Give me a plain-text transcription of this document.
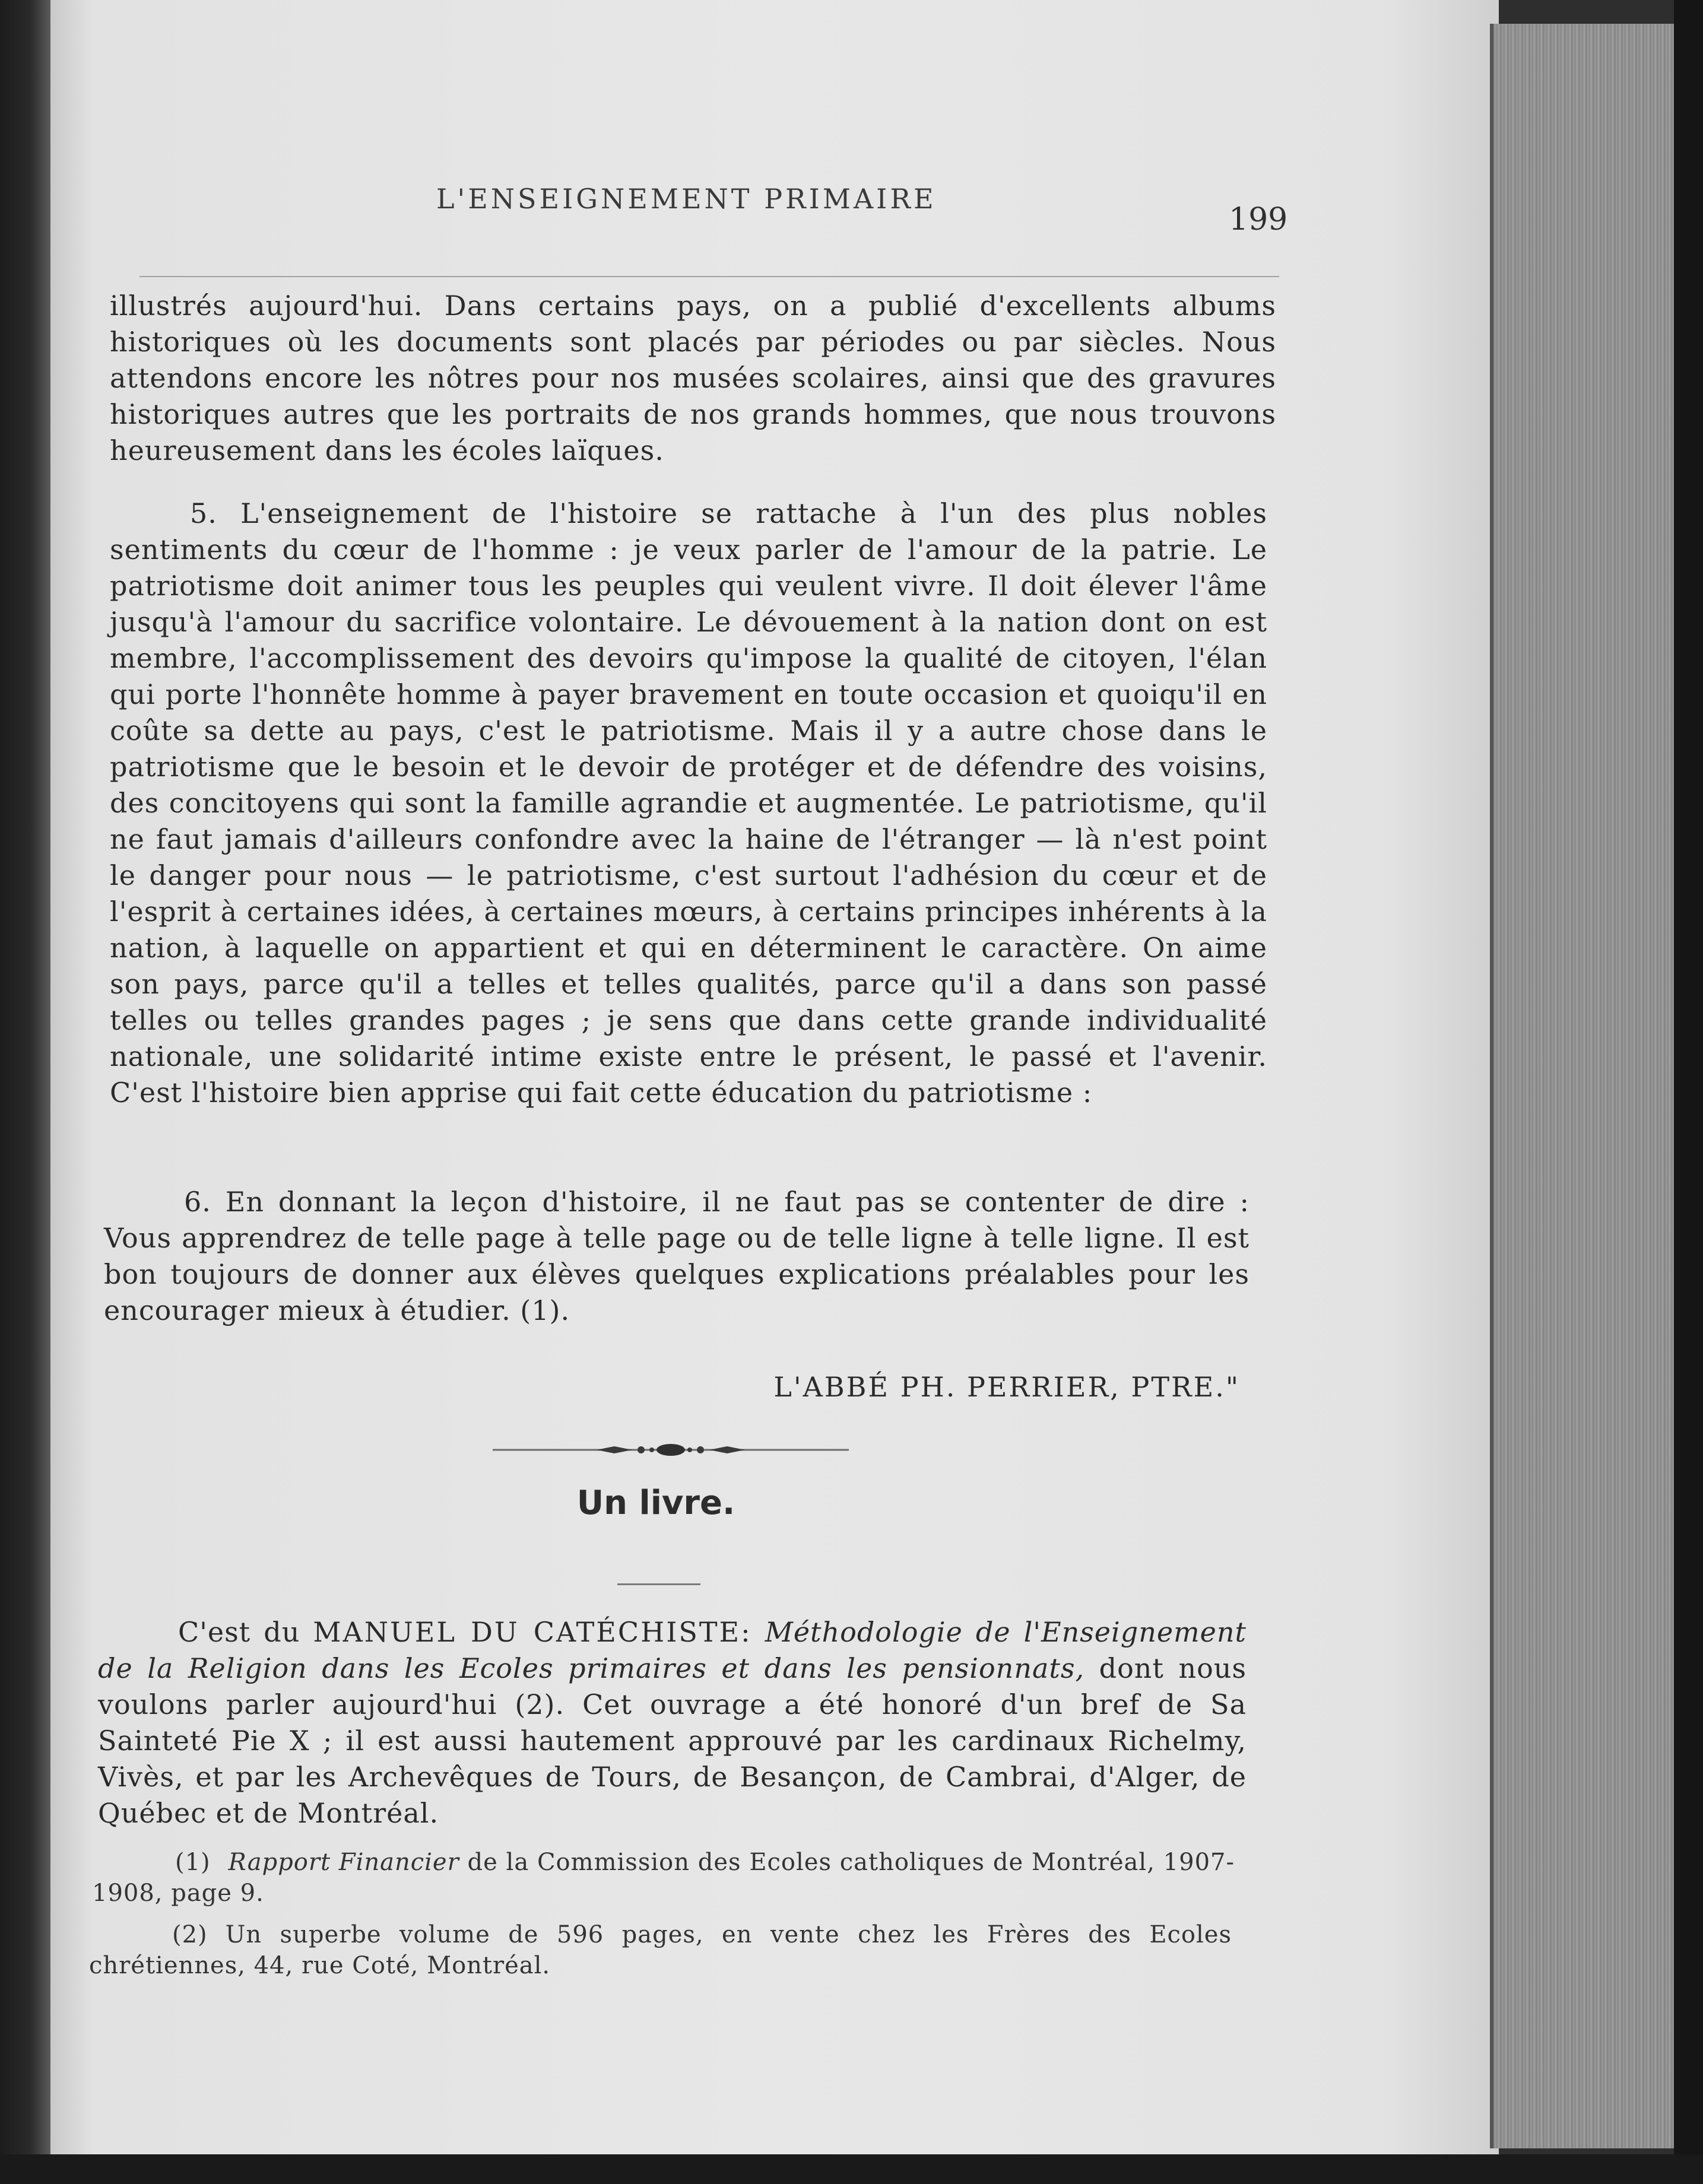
L'ENSEIGNEMENT PRIMAIRE
199

illustrés aujourd'hui. Dans certains pays, on a publié d'excellents albums historiques où les documents sont placés par périodes ou par siècles. Nous attendons encore les nôtres pour nos musées scolaires, ainsi que des gravures historiques autres que les portraits de nos grands hommes, que nous trouvons heureusement dans les écoles laïques.

5. L'enseignement de l'histoire se rattache à l'un des plus nobles sentiments du cœur de l'homme : je veux parler de l'amour de la patrie. Le patriotisme doit animer tous les peuples qui veulent vivre. Il doit élever l'âme jusqu'à l'amour du sacrifice volontaire. Le dévouement à la nation dont on est membre, l'accomplissement des devoirs qu'impose la qualité de citoyen, l'élan qui porte l'honnête homme à payer bravement en toute occasion et quoiqu'il en coûte sa dette au pays, c'est le patriotisme. Mais il y a autre chose dans le patriotisme que le besoin et le devoir de protéger et de défendre des voisins, des concitoyens qui sont la famille agrandie et augmentée. Le patriotisme, qu'il ne faut jamais d'ailleurs confondre avec la haine de l'étranger — là n'est point le danger pour nous — le patriotisme, c'est surtout l'adhésion du cœur et de l'esprit à certaines idées, à certaines mœurs, à certains principes inhérents à la nation, à laquelle on appartient et qui en déterminent le caractère. On aime son pays, parce qu'il a telles et telles qualités, parce qu'il a dans son passé telles ou telles grandes pages ; je sens que dans cette grande individualité nationale, une solidarité intime existe entre le présent, le passé et l'avenir. C'est l'histoire bien apprise qui fait cette éducation du patriotisme :

6. En donnant la leçon d'histoire, il ne faut pas se contenter de dire : Vous apprendrez de telle page à telle page ou de telle ligne à telle ligne. Il est bon toujours de donner aux élèves quelques explications préalables pour les encourager mieux à étudier. (1).

L'ABBÉ PH. PERRIER, PTRE."
Un livre.

C'est du MANUEL DU CATÉCHISTE: Méthodologie de l'Enseignement de la Religion dans les Ecoles primaires et dans les pensionnats, dont nous voulons parler aujourd'hui (2). Cet ouvrage a été honoré d'un bref de Sa Sainteté Pie X ; il est aussi hautement approuvé par les cardinaux Richelmy, Vivès, et par les Archevêques de Tours, de Besançon, de Cambrai, d'Alger, de Québec et de Montréal.

(1) Rapport Financier de la Commission des Ecoles catholiques de Montréal, 1907-1908, page 9.

(2) Un superbe volume de 596 pages, en vente chez les Frères des Ecoles chrétiennes, 44, rue Coté, Montréal.
